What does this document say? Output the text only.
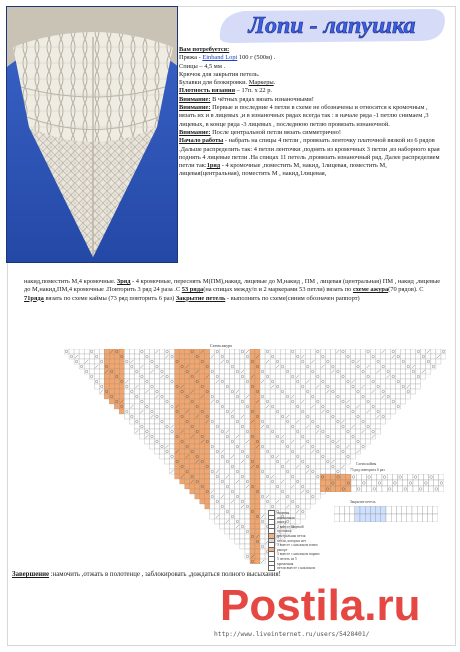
Лопи - лапушка

Вам потребуется:

Пряжа - Einband Lopi 100 г (500м) .

Спицы – 4,5 мм .

Крючок для закрытия петель.

Булавки для блокировки. Маркеры.

Плотность вязания – 17п. х 22 р.

Внимание: В чётных рядах вязать изнаночными!

Внимание: Первые и последние 4 петли в схеме не обозначены и относятся к кромочным , вязать их и в лицевых ,и в изнаночных рядах всегда так : в начале ряда -1 петлю снимаем ,3 лицевых, в конце ряда -3 лицевых , последнюю петлю провязать изнаночной.

Внимание: После центральной петли вязать симметрично!

Начало работы - набрать на спицы 4 петли , провязать ленточку платочной вязкой из 6 рядов .Дальше распределить так: 4 петли ленточки ,поднять из кромочных 3 петли ,из наборного края поднять 4 лицевые петли .На спицах 11 петель ,провязать изнаночный ряд. Далее распределяем петли так:1ряд - 4 кромочные ,поместить М, накид, 1лицевая, поместить М, лицевая(центральная), поместить М , накид,1лицевая,

накид,поместить М,4 кромочные. 3ряд - 4 кромочные, переснять М(ПМ),накид, лицевые до М,накид , ПМ , лицевая (центральная) ПМ , накид ,лицевые до М,накид,ПМ,4 кромочные .Повторить 3 ряд 24 раза .С 53 ряда(на спицах между/п и 2 маркерами 53 петли) вязать по схеме ажура(70 рядов). С 71ряда вязать по схеме каймы (73 ряд повторить 6 раз) Закрытие петель - выполнить по схеме(синим обозначен раппорт)

Схема ажура
Схема каймы
73 ряд повторить 6 раз
Закрытие петель
лицевая
изнаночная
накид
2 вместе лицевой
протяжка
центральная петля
петли, которых нет
3 вместе с наклоном влево
рапорт
3 вместе с наклоном вправо
5 петель из 5
кромочная
петли вместе с наклоном

Завершение :намочить ,отжать в полотенце , заблокировать ,дождаться полного высыхания!

Postila.ru
http://www.liveinternet.ru/users/5428401/
